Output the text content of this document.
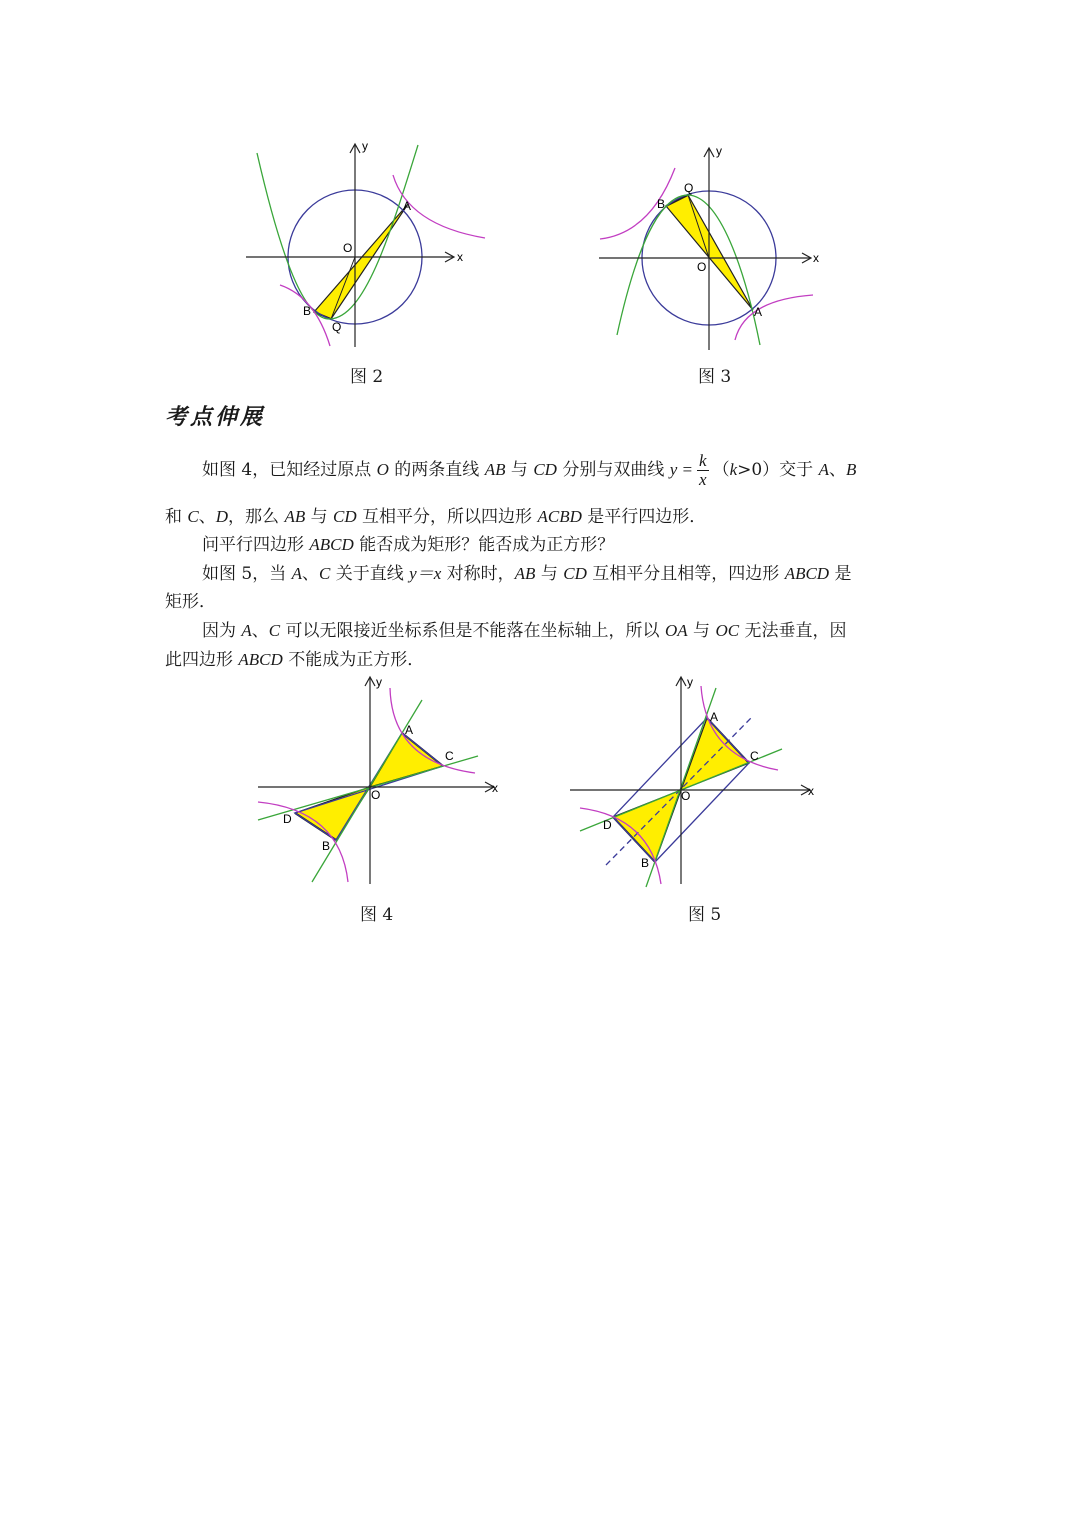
y
x
O
A
B
Q
图 2
y
x
O
A
B
Q
图 3
考点伸展
如图 4，已知经过原点 O 的两条直线 AB 与 CD 分别与双曲线 $y = \frac{k}{x} (k>0)$交于 A、B
和 C、D，那么 AB 与 CD 互相平分，所以四边形 ACBD 是平行四边形．
问平行四边形 ABCD 能否成为矩形？能否成为正方形？
如图 5，当 A、C 关于直线 y＝x 对称时，AB 与 CD 互相平分且相等，四边形 ABCD 是
矩形．
因为 A、C 可以无限接近坐标系但是不能落在坐标轴上，所以 OA 与 OC 无法垂直，因
此四边形 ABCD 不能成为正方形．
y
x
O
A
C
D
B
图 4
y
x
O
A
C
D
B
图 5
